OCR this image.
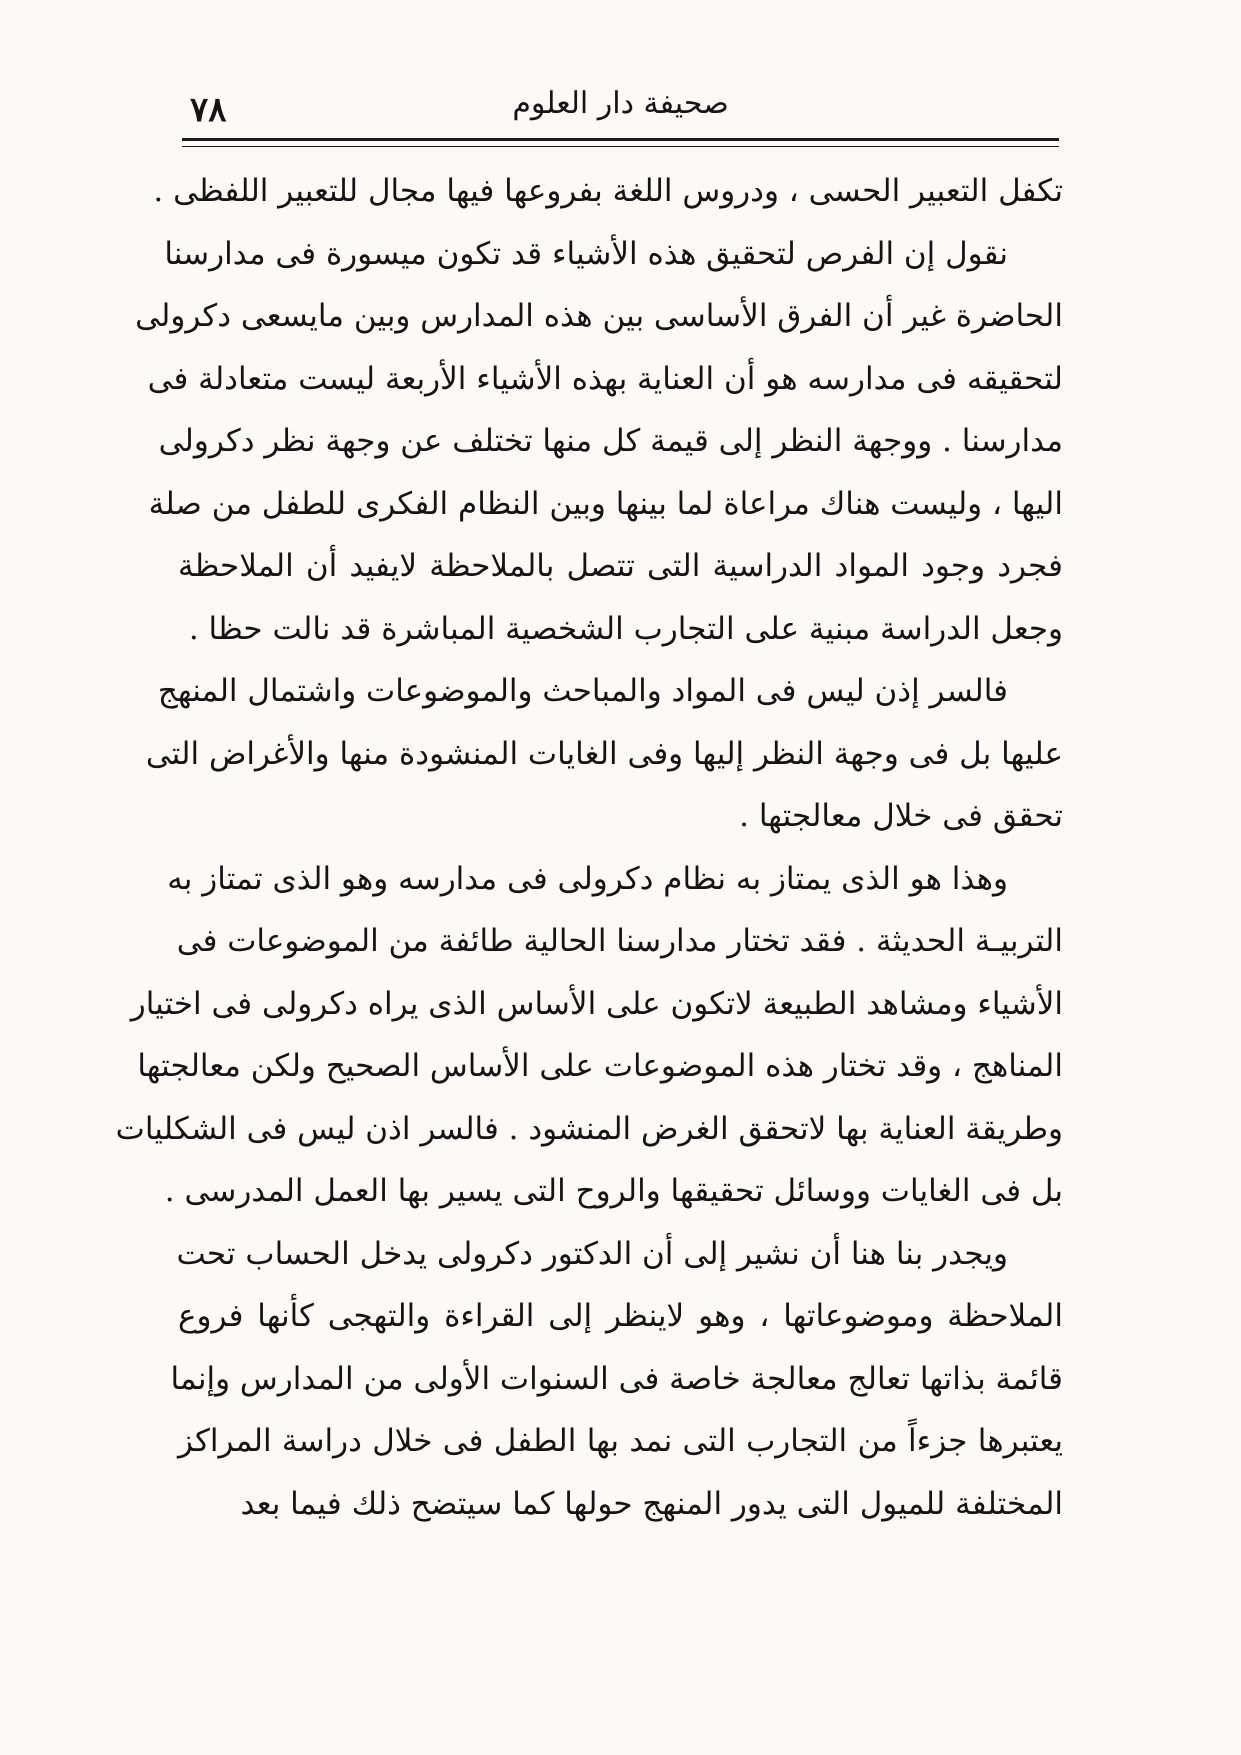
٧٨	صحيفة دار العلوم
تكفل التعبير الحسى ، ودروس اللغة بفروعها فيها مجال للتعبير اللفظى .
نقول إن الفرص لتحقيق هذه الأشياء قد تكون ميسورة فى مدارسنا
الحاضرة غير أن الفرق الأساسى بين هذه المدارس وبين مايسعى دكرولى
لتحقيقه فى مدارسه هو أن العناية بهذه الأشياء الأربعة ليست متعادلة فى
مدارسنا . ووجهة النظر إلى قيمة كل منها تختلف عن وجهة نظر دكرولى
اليها ، وليست هناك مراعاة لما بينها وبين النظام الفكرى للطفل من صلة
فجرد وجود المواد الدراسية التى تتصل بالملاحظة لايفيد أن الملاحظة
وجعل الدراسة مبنية على التجارب الشخصية المباشرة قد نالت حظا .
فالسر إذن ليس فى المواد والمباحث والموضوعات واشتمال المنهج
عليها بل فى وجهة النظر إليها وفى الغايات المنشودة منها والأغراض التى
تحقق فى خلال معالجتها .
وهذا هو الذى يمتاز به نظام دكرولى فى مدارسه وهو الذى تمتاز به
التربيـة الحديثة . فقد تختار مدارسنا الحالية طائفة من الموضوعات فى
الأشياء ومشاهد الطبيعة لاتكون على الأساس الذى يراه دكرولى فى اختيار
المناهج ، وقد تختار هذه الموضوعات على الأساس الصحيح ولكن معالجتها
وطريقة العناية بها لاتحقق الغرض المنشود . فالسر اذن ليس فى الشكليات
بل فى الغايات ووسائل تحقيقها والروح التى يسير بها العمل المدرسى .
ويجدر بنا هنا أن نشير إلى أن الدكتور دكرولى يدخل الحساب تحت
الملاحظة وموضوعاتها ، وهو لاينظر إلى القراءة والتهجى كأنها فروع
قائمة بذاتها تعالج معالجة خاصة فى السنوات الأولى من المدارس وإنما
يعتبرها جزءاً من التجارب التى نمد بها الطفل فى خلال دراسة المراكز
المختلفة للميول التى يدور المنهج حولها كما سيتضح ذلك فيما بعد
